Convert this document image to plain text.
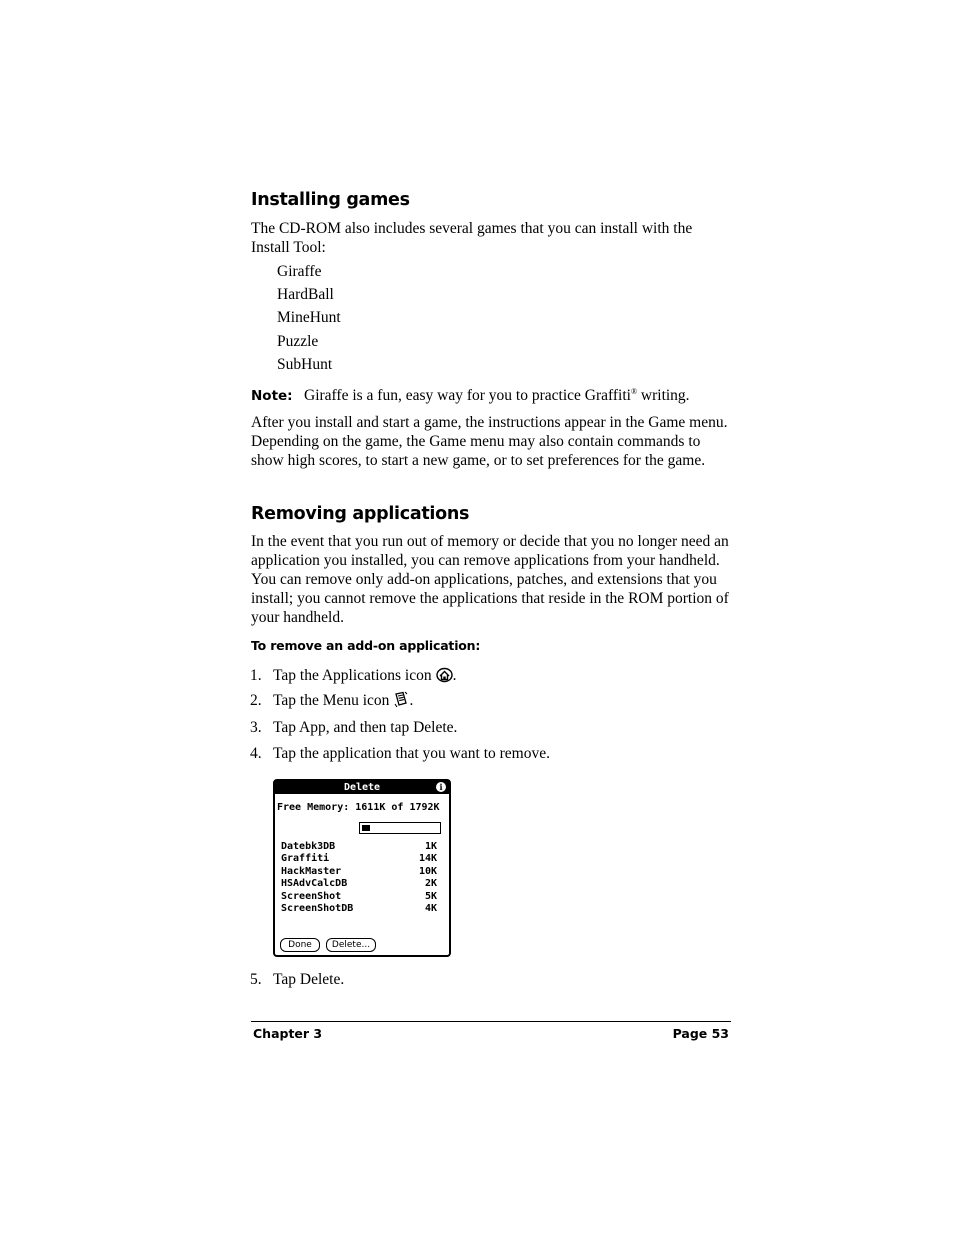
Installing games

The CD-ROM also includes several games that you can install with the Install Tool:

Giraffe

HardBall

MineHunt

Puzzle

SubHunt

Note: Giraffe is a fun, easy way for you to practice Graffiti® writing.

After you install and start a game, the instructions appear in the Game menu. Depending on the game, the Game menu may also contain commands to show high scores, to start a new game, or to set preferences for the game.

Removing applications

In the event that you run out of memory or decide that you no longer need an application you installed, you can remove applications from your handheld. You can remove only add-on applications, patches, and extensions that you install; you cannot remove the applications that reside in the ROM portion of your handheld.

To remove an add-on application:

1. Tap the Applications icon .
2. Tap the Menu icon .
3. Tap App, and then tap Delete.
4. Tap the application that you want to remove.
Delete	i
Free Memory: 1611K of 1792K
Datebk3DB	1K
Graffiti	14K
HackMaster	10K
HSAdvCalcDB	2K
ScreenShot	5K
ScreenShotDB	4K
Done	Delete...
5. Tap Delete.
Chapter 3	Page 53
